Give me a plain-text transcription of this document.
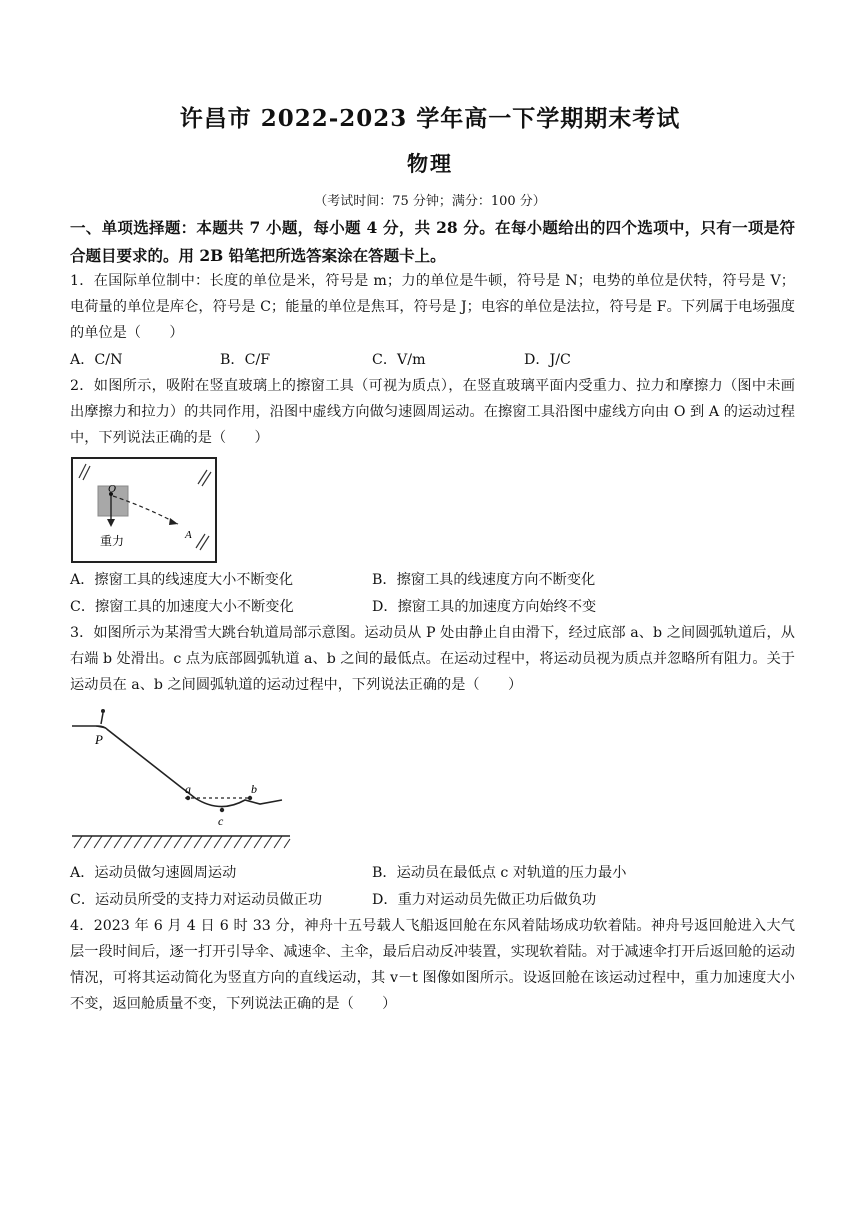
许昌市 2022-2023 学年高一下学期期末考试
物理
（考试时间：75 分钟；满分：100 分）
一、单项选择题：本题共 7 小题，每小题 4 分，共 28 分。在每小题给出的四个选项中，只有一项是符合题目要求的。用 2B 铅笔把所选答案涂在答题卡上。
1．在国际单位制中：长度的单位是米，符号是 m；力的单位是牛顿，符号是 N；电势的单位是伏特，符号是 V；电荷量的单位是库仑，符号是 C；能量的单位是焦耳，符号是 J；电容的单位是法拉，符号是 F。下列属于电场强度的单位是（　　）
A．C/N	B．C/F	C．V/m	D．J/C
2．如图所示，吸附在竖直玻璃上的擦窗工具（可视为质点），在竖直玻璃平面内受重力、拉力和摩擦力（图中未画出摩擦力和拉力）的共同作用，沿图中虚线方向做匀速圆周运动。在擦窗工具沿图中虚线方向由 O 到 A 的运动过程中，下列说法正确的是（　　）
O
A
重力
A．擦窗工具的线速度大小不断变化	B．擦窗工具的线速度方向不断变化
C．擦窗工具的加速度大小不断变化	D．擦窗工具的加速度方向始终不变
3．如图所示为某滑雪大跳台轨道局部示意图。运动员从 P 处由静止自由滑下，经过底部 a、b 之间圆弧轨道后，从右端 b 处滑出。c 点为底部圆弧轨道 a、b 之间的最低点。在运动过程中，将运动员视为质点并忽略所有阻力。关于运动员在 a、b 之间圆弧轨道的运动过程中，下列说法正确的是（　　）
P
a	b
c
A．运动员做匀速圆周运动	B．运动员在最低点 c 对轨道的压力最小
C．运动员所受的支持力对运动员做正功	D．重力对运动员先做正功后做负功
4．2023 年 6 月 4 日 6 时 33 分，神舟十五号载人飞船返回舱在东风着陆场成功软着陆。神舟号返回舱进入大气层一段时间后，逐一打开引导伞、减速伞、主伞，最后启动反冲装置，实现软着陆。对于减速伞打开后返回舱的运动情况，可将其运动简化为竖直方向的直线运动，其 v－t 图像如图所示。设返回舱在该运动过程中，重力加速度大小不变，返回舱质量不变，下列说法正确的是（　　）
